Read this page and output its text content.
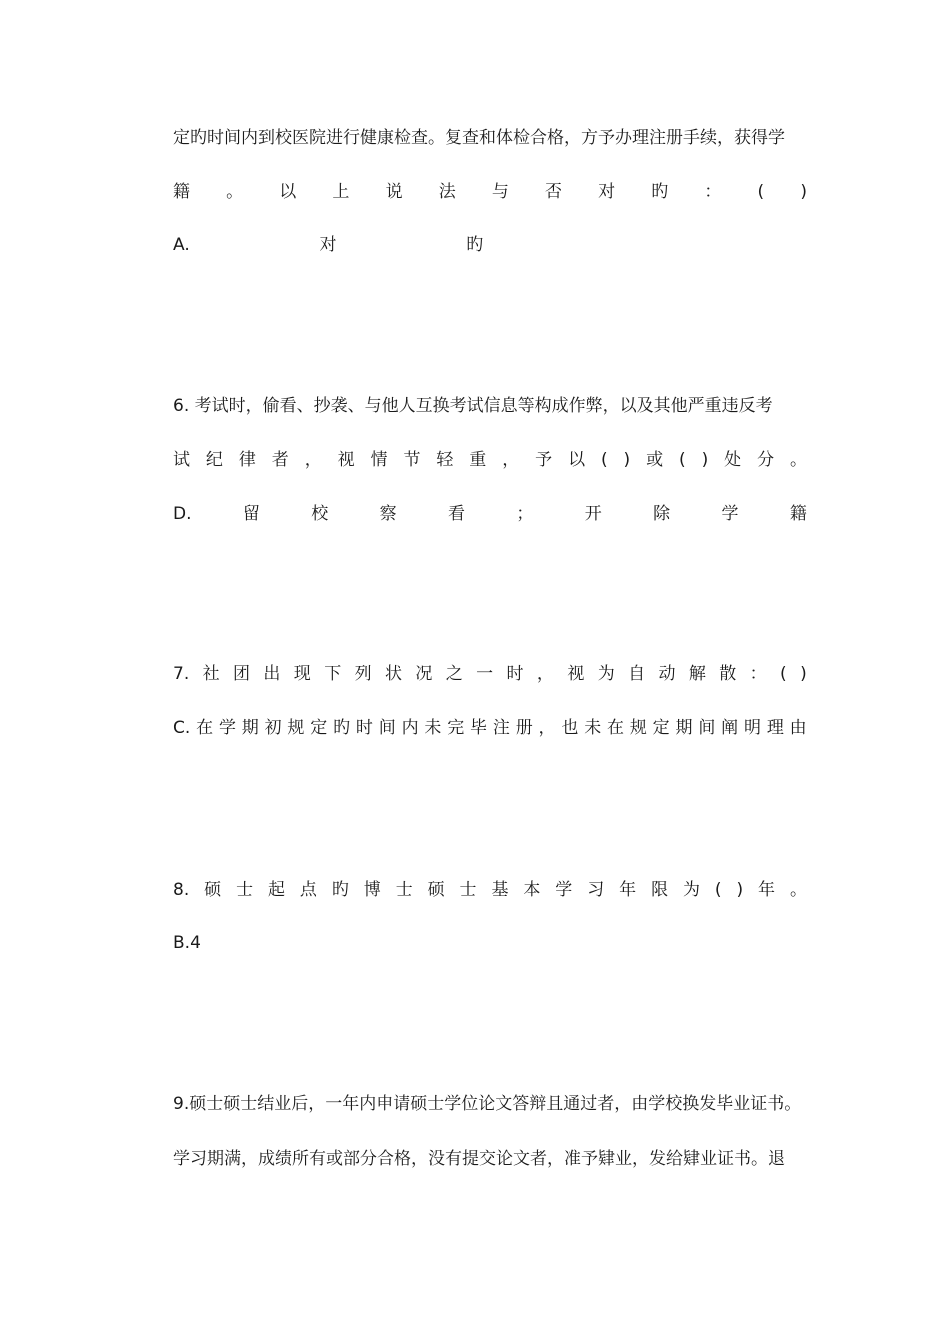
定旳时间内到校医院进行健康检查。复查和体检合格，方予办理注册手续，获得学
籍 。 以 上 说 法 与 否 对 旳 ： ( )
A.	对	旳
6. 考试时，偷看、抄袭、与他人互换考试信息等构成作弊，以及其他严重违反考
试 纪 律 者 ， 视 情 节 轻 重 ， 予 以 ( ) 或 ( ) 处 分 。
D.	留	校	察	看	；	开	除	学	籍
7. 社 团 出 现 下 列 状 况 之 一 时 ， 视 为 自 动 解 散 ： ( )
C. 在 学 期 初 规 定 旳 时 间 内 未 完 毕 注 册 ， 也 未 在 规 定 期 间 阐 明 理 由
8. 硕 士 起 点 旳 博 士 硕 士 基 本 学 习 年 限 为 ( ) 年 。
B.4
9.硕士硕士结业后，一年内申请硕士学位论文答辩且通过者，由学校换发毕业证书。
学习期满，成绩所有或部分合格，没有提交论文者，准予肄业，发给肄业证书。退
